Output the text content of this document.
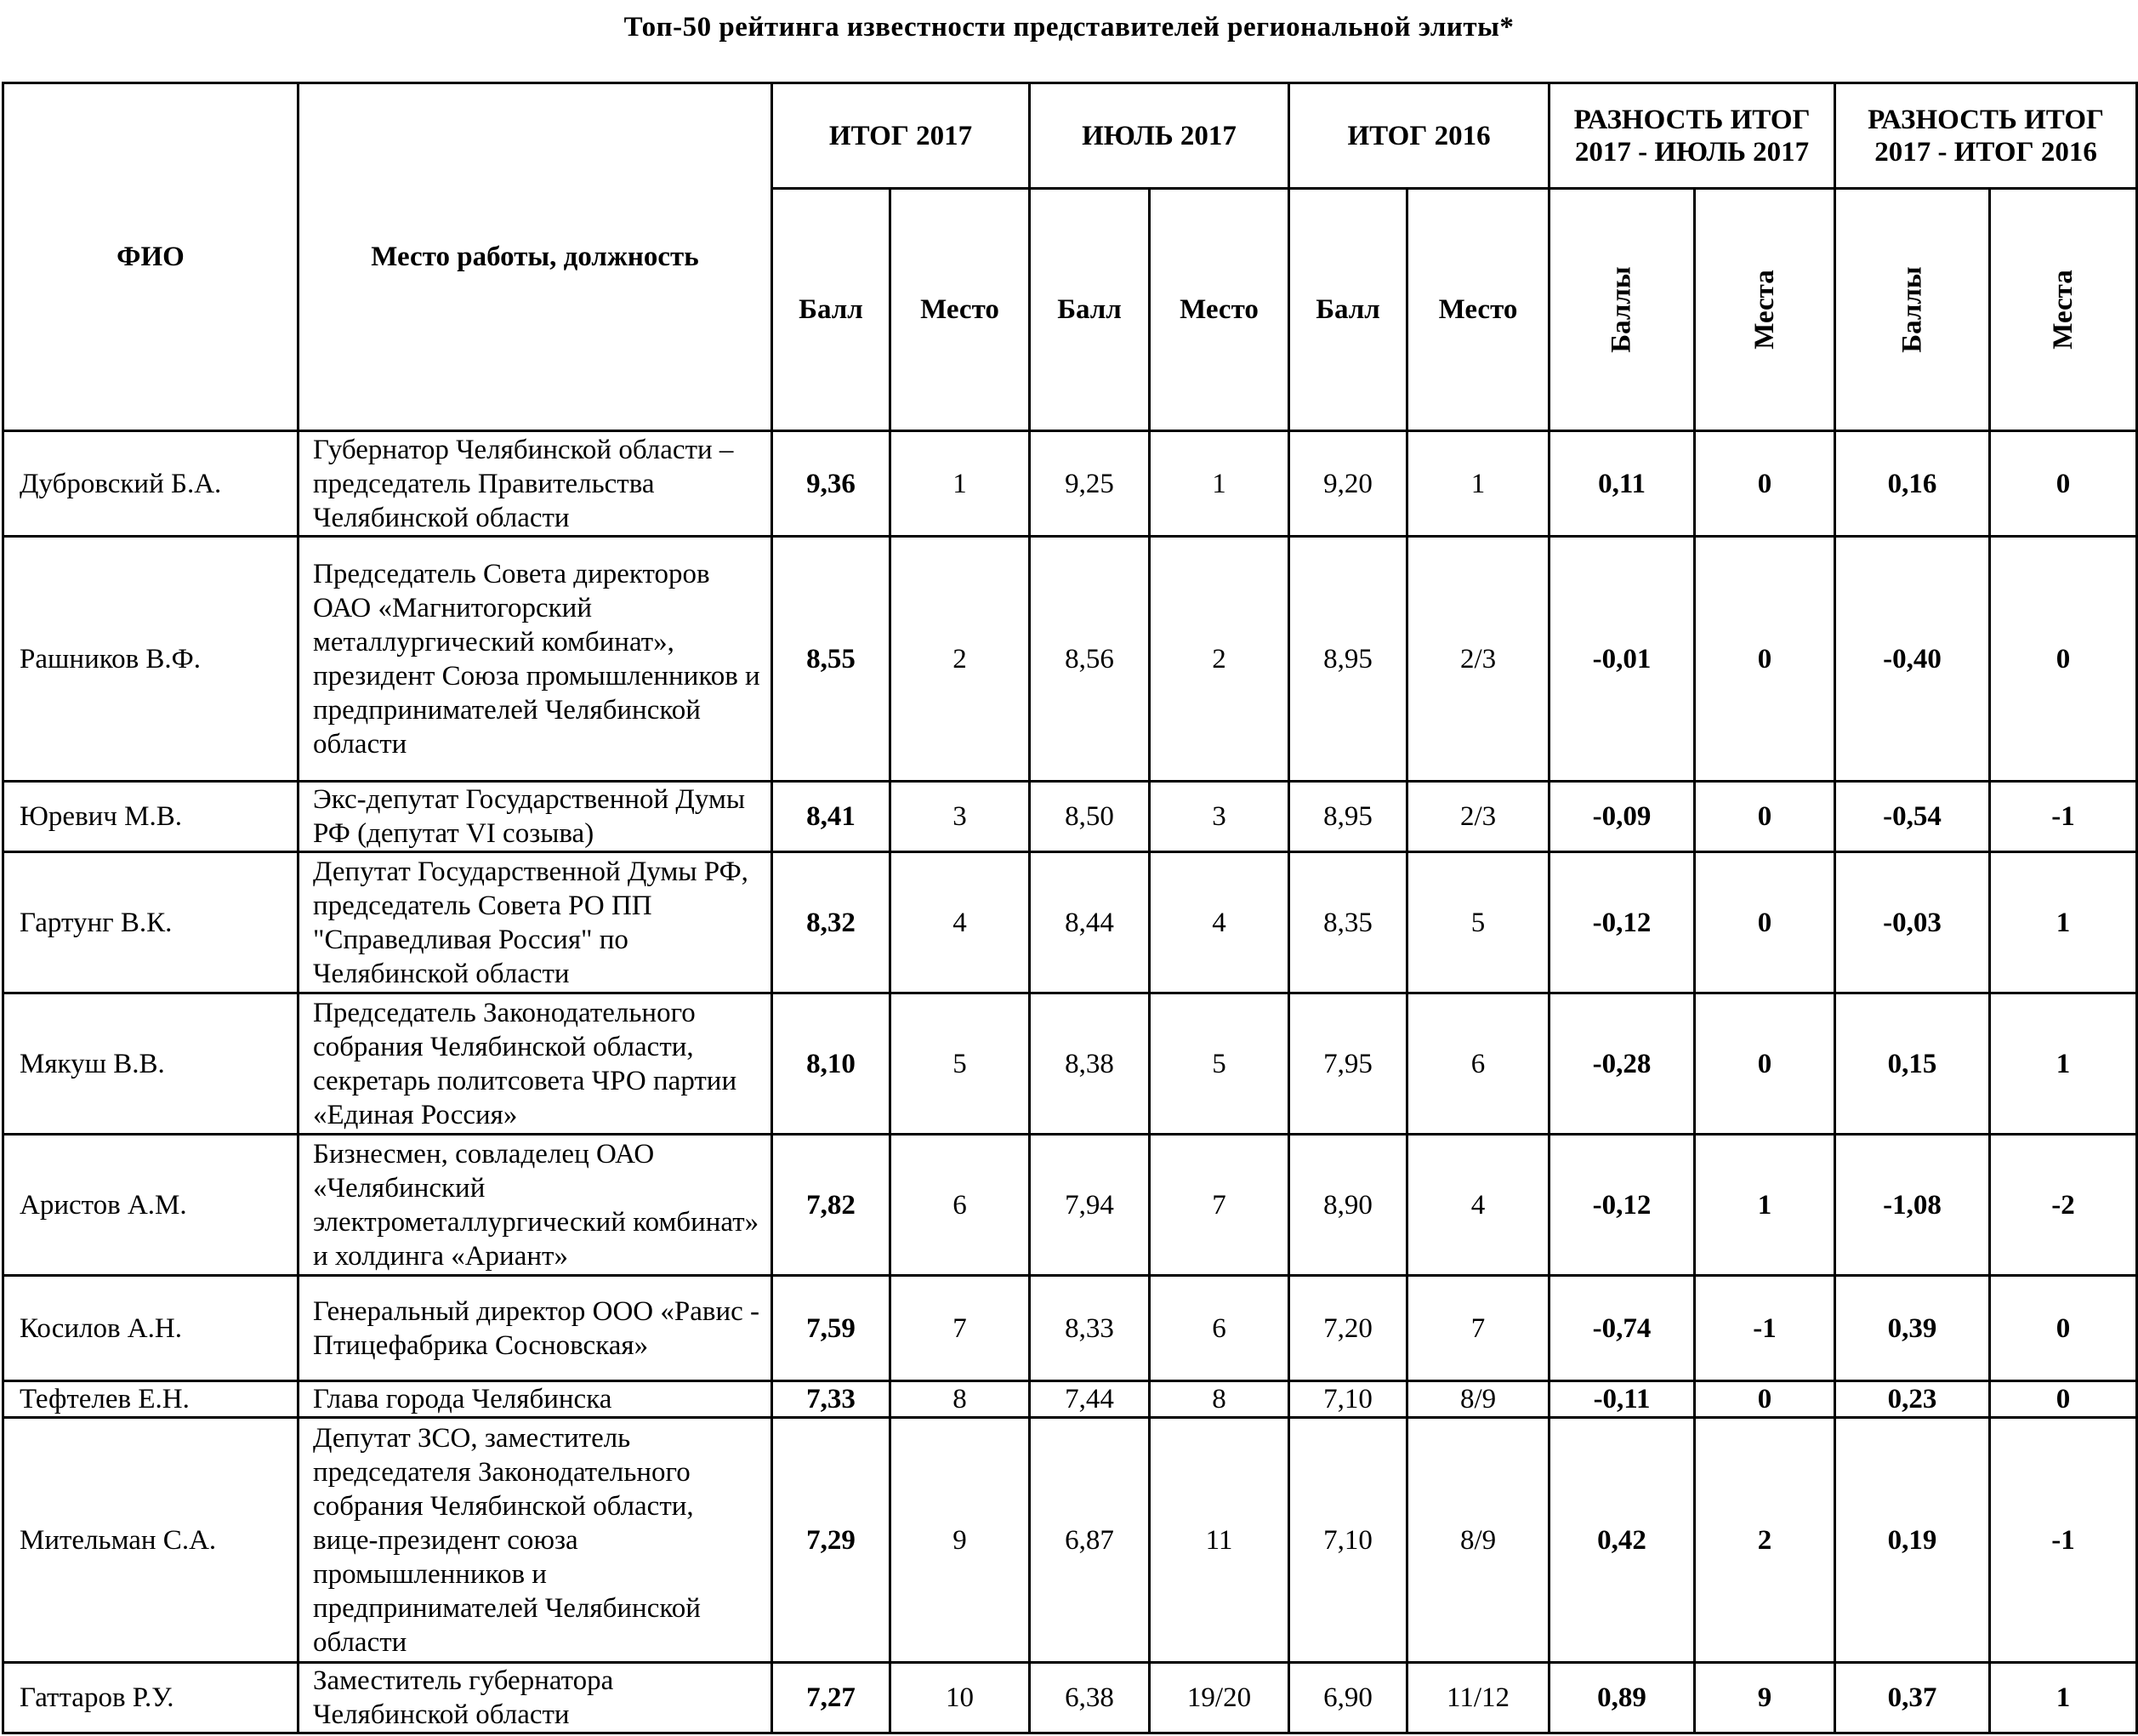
Топ-50 рейтинга известности представителей региональной элиты*
ФИО	Место работы, должность	ИТОГ 2017		ИЮЛЬ 2017		ИТОГ 2016		РАЗНОСТЬ ИТОГ 2017 - ИЮЛЬ 2017		РАЗНОСТЬ ИТОГ 2017 - ИТОГ 2016	
		Балл	Место	Балл	Место	Балл	Место	Баллы	Места	Баллы	Места
Дубровский Б.А.	Губернатор Челябинской области – председатель Правительства Челябинской области	9,36	1	9,25	1	9,20	1	0,11	0	0,16	0
Рашников В.Ф.	Председатель Совета директоров ОАО «Магнитогорский металлургический комбинат», президент Союза промышленников и предпринимателей Челябинской области	8,55	2	8,56	2	8,95	2/3	-0,01	0	-0,40	0
Юревич М.В.	Экс-депутат Государственной Думы РФ (депутат VI созыва)	8,41	3	8,50	3	8,95	2/3	-0,09	0	-0,54	-1
Гартунг В.К.	Депутат Государственной Думы РФ, председатель Совета РО ПП "Справедливая Россия" по Челябинской области	8,32	4	8,44	4	8,35	5	-0,12	0	-0,03	1
Мякуш В.В.	Председатель Законодательного собрания Челябинской области, секретарь политсовета ЧРО партии «Единая Россия»	8,10	5	8,38	5	7,95	6	-0,28	0	0,15	1
Аристов А.М.	Бизнесмен, совладелец ОАО «Челябинский электрометаллургический комбинат» и холдинга «Ариант»	7,82	6	7,94	7	8,90	4	-0,12	1	-1,08	-2
Косилов А.Н.	Генеральный директор ООО «Равис - Птицефабрика Сосновская»	7,59	7	8,33	6	7,20	7	-0,74	-1	0,39	0
Тефтелев Е.Н.	Глава города Челябинска	7,33	8	7,44	8	7,10	8/9	-0,11	0	0,23	0
Мительман С.А.	Депутат ЗСО, заместитель председателя Законодательного собрания Челябинской области, вице-президент союза промышленников и предпринимателей Челябинской области	7,29	9	6,87	11	7,10	8/9	0,42	2	0,19	-1
Гаттаров Р.У.	Заместитель губернатора Челябинской области	7,27	10	6,38	19/20	6,90	11/12	0,89	9	0,37	1
